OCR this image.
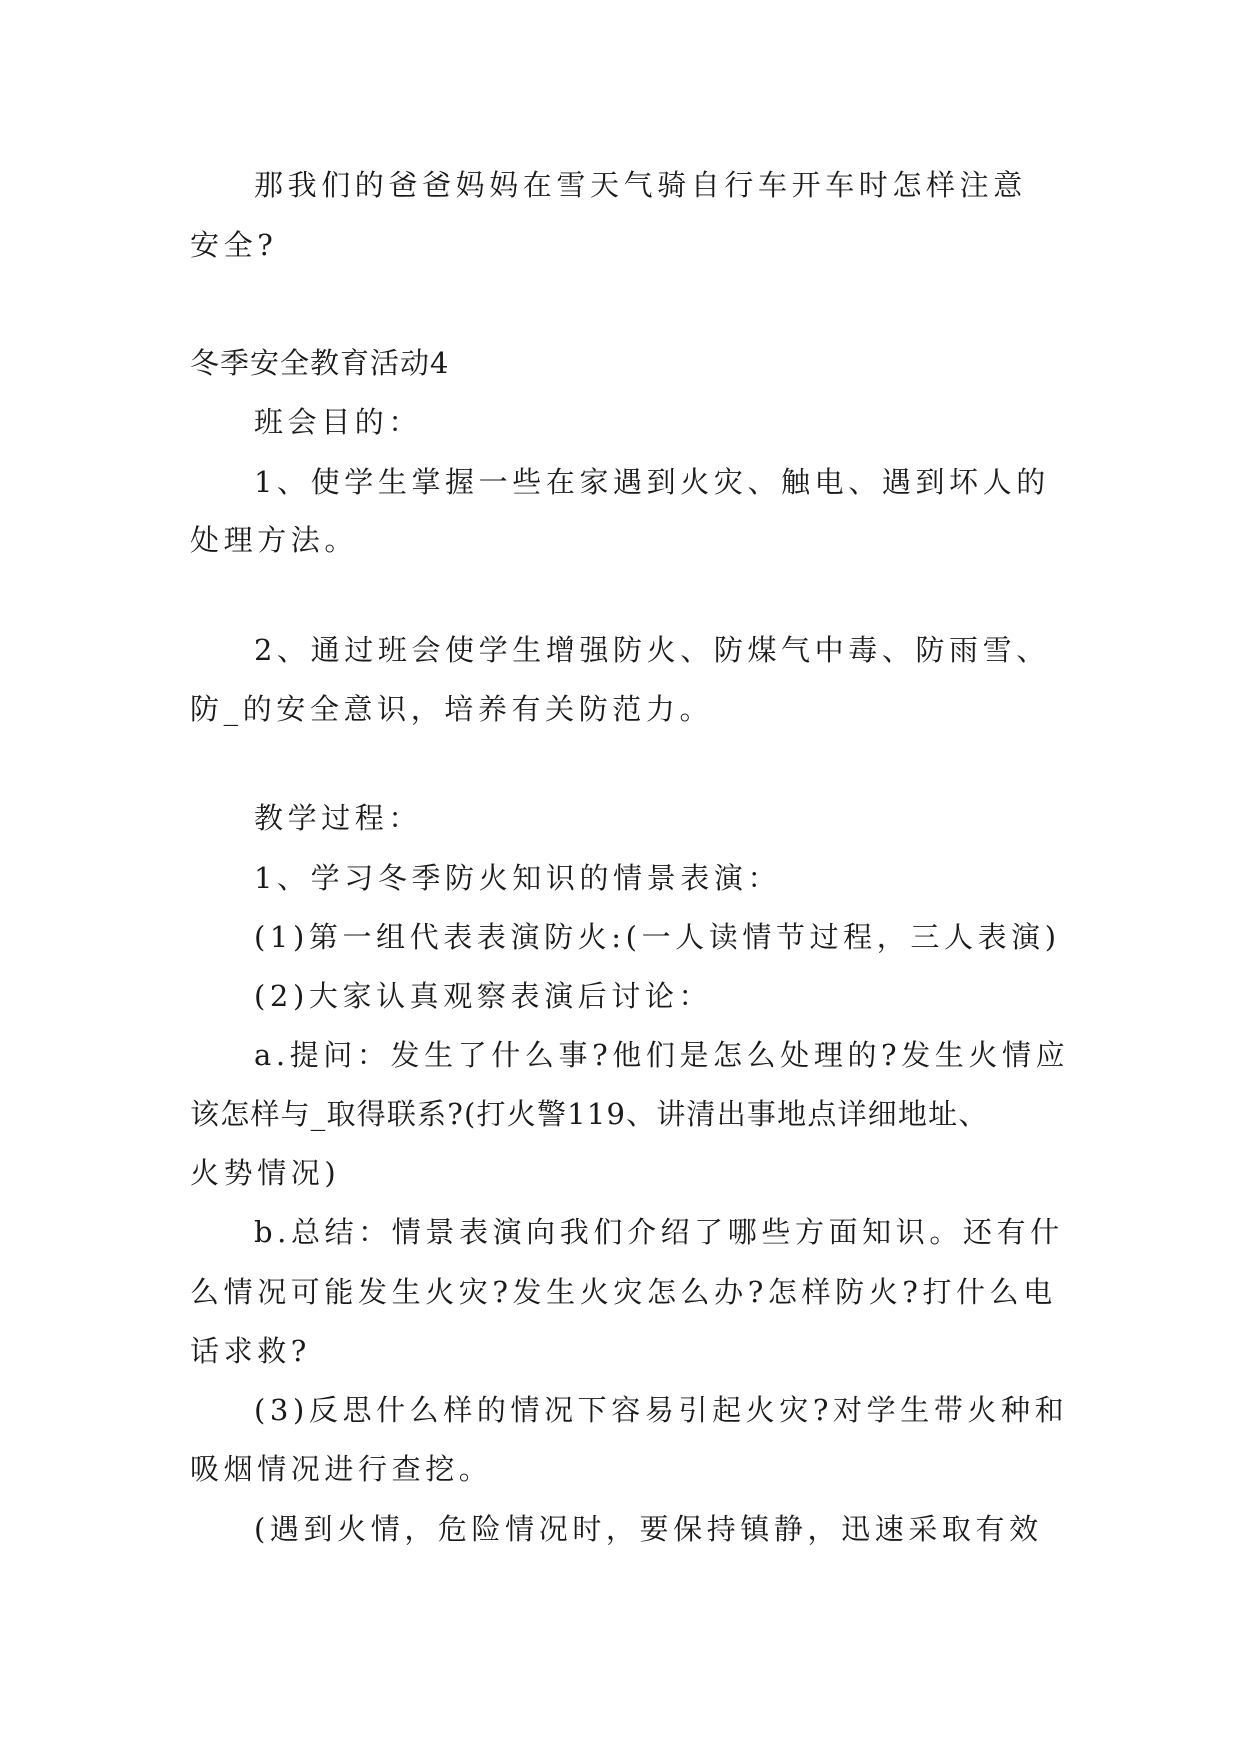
那我们的爸爸妈妈在雪天气骑自行车开车时怎样注意
安全?
冬季安全教育活动4
班会目的：
1、使学生掌握一些在家遇到火灾、触电、遇到坏人的
处理方法。
2、通过班会使学生增强防火、防煤气中毒、防雨雪、
防_的安全意识，培养有关防范力。
教学过程：
1、学习冬季防火知识的情景表演：
(1)第一组代表表演防火:(一人读情节过程，三人表演)
(2)大家认真观察表演后讨论：
a.提问：发生了什么事?他们是怎么处理的?发生火情应
该怎样与_取得联系?(打火警119、讲清出事地点详细地址、
火势情况)
b.总结：情景表演向我们介绍了哪些方面知识。还有什
么情况可能发生火灾?发生火灾怎么办?怎样防火?打什么电
话求救?
(3)反思什么样的情况下容易引起火灾?对学生带火种和
吸烟情况进行查挖。
(遇到火情，危险情况时，要保持镇静，迅速采取有效
